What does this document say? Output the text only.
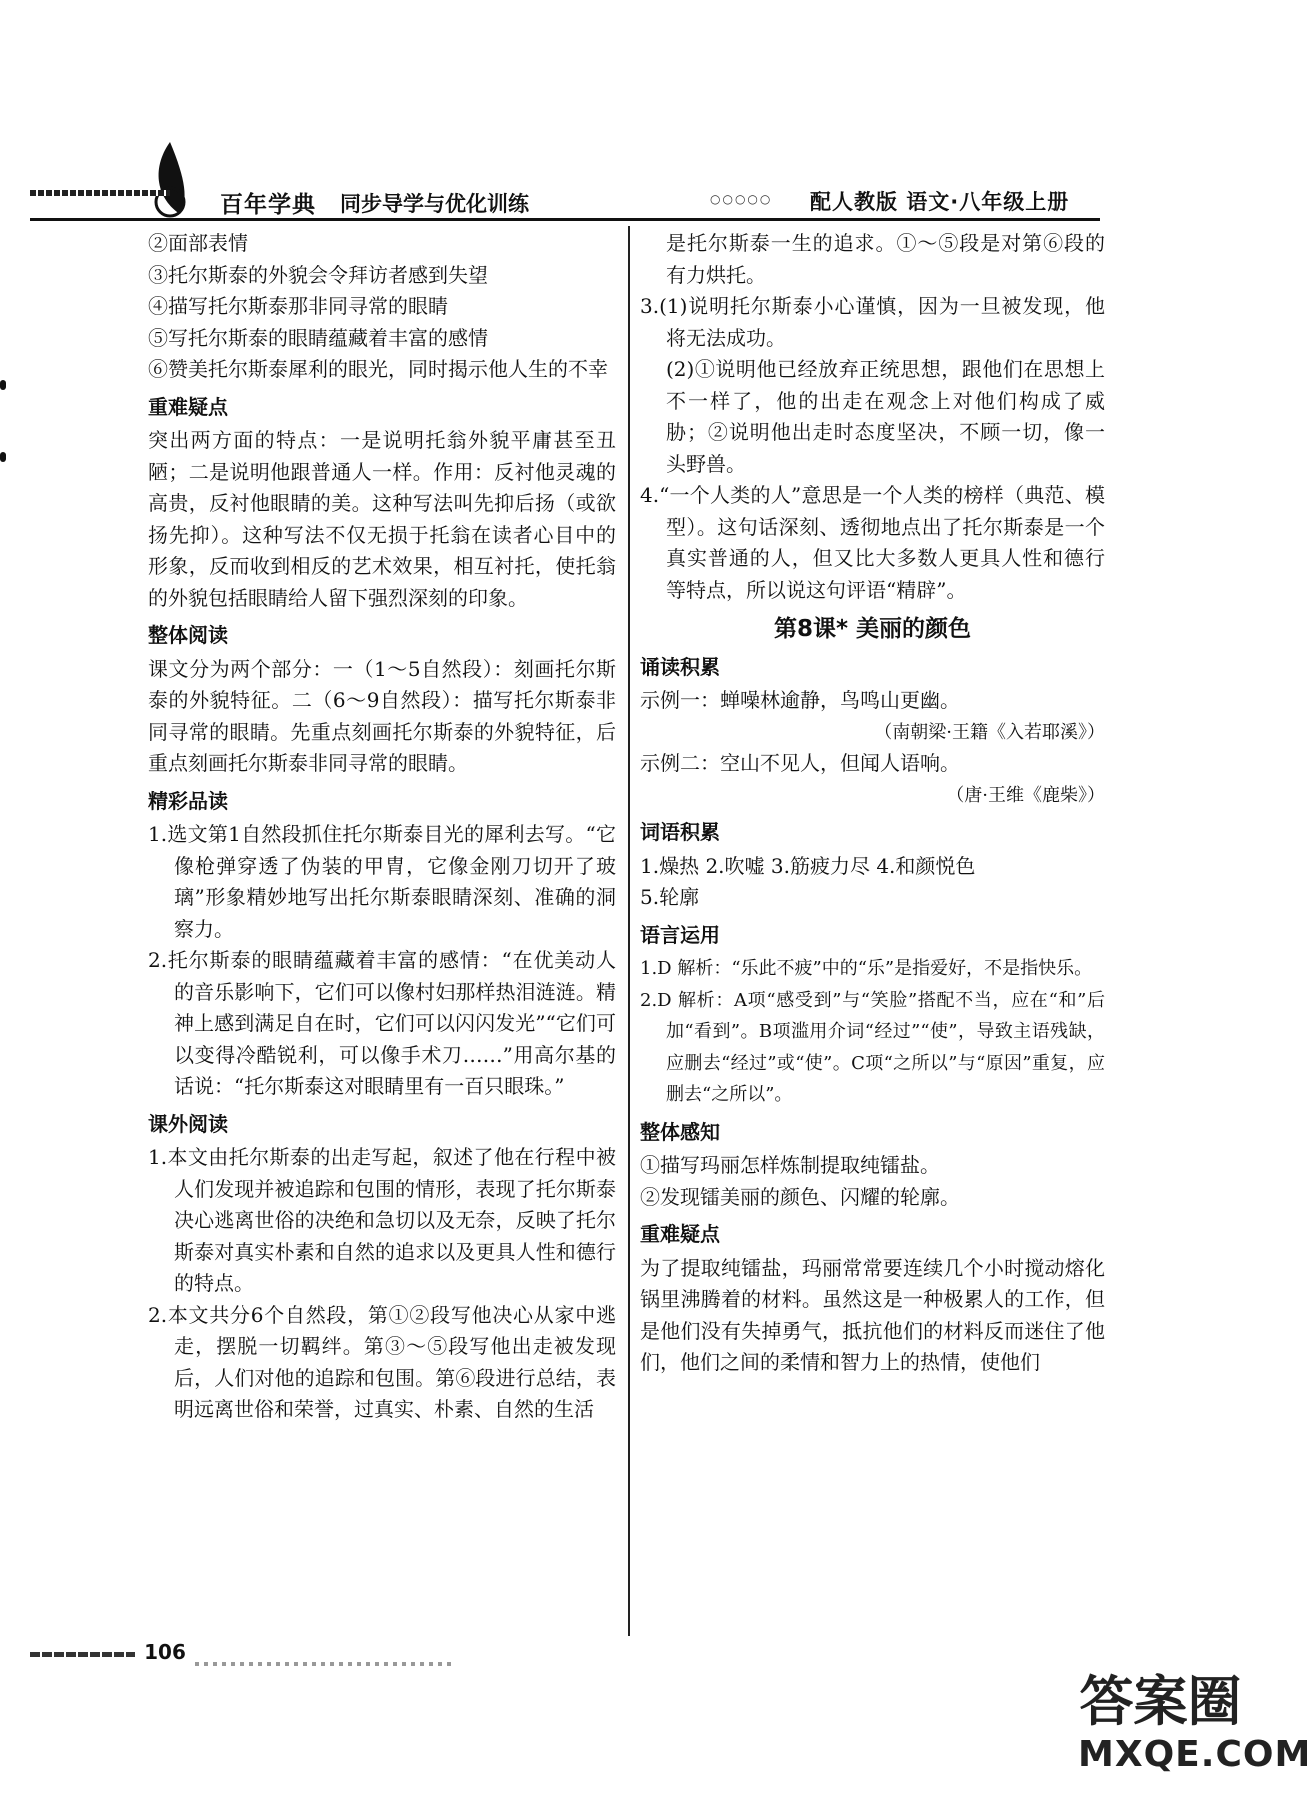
百年学典 同步导学与优化训练	○○○○○ 配人教版 语文·八年级上册

②面部表情

③托尔斯泰的外貌会令拜访者感到失望

④描写托尔斯泰那非同寻常的眼睛

⑤写托尔斯泰的眼睛蕴藏着丰富的感情

⑥赞美托尔斯泰犀利的眼光，同时揭示他人生的不幸

重难疑点

突出两方面的特点：一是说明托翁外貌平庸甚至丑陋；二是说明他跟普通人一样。作用：反衬他灵魂的高贵，反衬他眼睛的美。这种写法叫先抑后扬（或欲扬先抑）。这种写法不仅无损于托翁在读者心目中的形象，反而收到相反的艺术效果，相互衬托，使托翁的外貌包括眼睛给人留下强烈深刻的印象。

整体阅读

课文分为两个部分：一（1～5自然段）：刻画托尔斯泰的外貌特征。二（6～9自然段）：描写托尔斯泰非同寻常的眼睛。先重点刻画托尔斯泰的外貌特征，后重点刻画托尔斯泰非同寻常的眼睛。

精彩品读

1.选文第1自然段抓住托尔斯泰目光的犀利去写。“它像枪弹穿透了伪装的甲胄，它像金刚刀切开了玻璃”形象精妙地写出托尔斯泰眼睛深刻、准确的洞察力。

2.托尔斯泰的眼睛蕴藏着丰富的感情：“在优美动人的音乐影响下，它们可以像村妇那样热泪涟涟。精神上感到满足自在时，它们可以闪闪发光”“它们可以变得冷酷锐利，可以像手术刀……”用高尔基的话说：“托尔斯泰这对眼睛里有一百只眼珠。”

课外阅读

1.本文由托尔斯泰的出走写起，叙述了他在行程中被人们发现并被追踪和包围的情形，表现了托尔斯泰决心逃离世俗的决绝和急切以及无奈，反映了托尔斯泰对真实朴素和自然的追求以及更具人性和德行的特点。

2.本文共分6个自然段，第①②段写他决心从家中逃走，摆脱一切羁绊。第③～⑤段写他出走被发现后，人们对他的追踪和包围。第⑥段进行总结，表明远离世俗和荣誉，过真实、朴素、自然的生活

是托尔斯泰一生的追求。①～⑤段是对第⑥段的有力烘托。

3.(1)说明托尔斯泰小心谨慎，因为一旦被发现，他将无法成功。

(2)①说明他已经放弃正统思想，跟他们在思想上不一样了，他的出走在观念上对他们构成了威胁；②说明他出走时态度坚决，不顾一切，像一头野兽。

4.“一个人类的人”意思是一个人类的榜样（典范、模型）。这句话深刻、透彻地点出了托尔斯泰是一个真实普通的人，但又比大多数人更具人性和德行等特点，所以说这句评语“精辟”。

第8课* 美丽的颜色

诵读积累

示例一：蝉噪林逾静，鸟鸣山更幽。

（南朝梁·王籍《入若耶溪》）

示例二：空山不见人，但闻人语响。

（唐·王维《鹿柴》）

词语积累

1.燥热 2.吹嘘 3.筋疲力尽 4.和颜悦色

5.轮廓

语言运用

1.D 解析：“乐此不疲”中的“乐”是指爱好，不是指快乐。

2.D 解析：A项“感受到”与“笑脸”搭配不当，应在“和”后加“看到”。B项滥用介词“经过”“使”，导致主语残缺，应删去“经过”或“使”。C项“之所以”与“原因”重复，应删去“之所以”。

整体感知

①描写玛丽怎样炼制提取纯镭盐。

②发现镭美丽的颜色、闪耀的轮廓。

重难疑点

为了提取纯镭盐，玛丽常常要连续几个小时搅动熔化锅里沸腾着的材料。虽然这是一种极累人的工作，但是他们没有失掉勇气，抵抗他们的材料反而迷住了他们，他们之间的柔情和智力上的热情，使他们

106
答案圈
MXQE.COM
